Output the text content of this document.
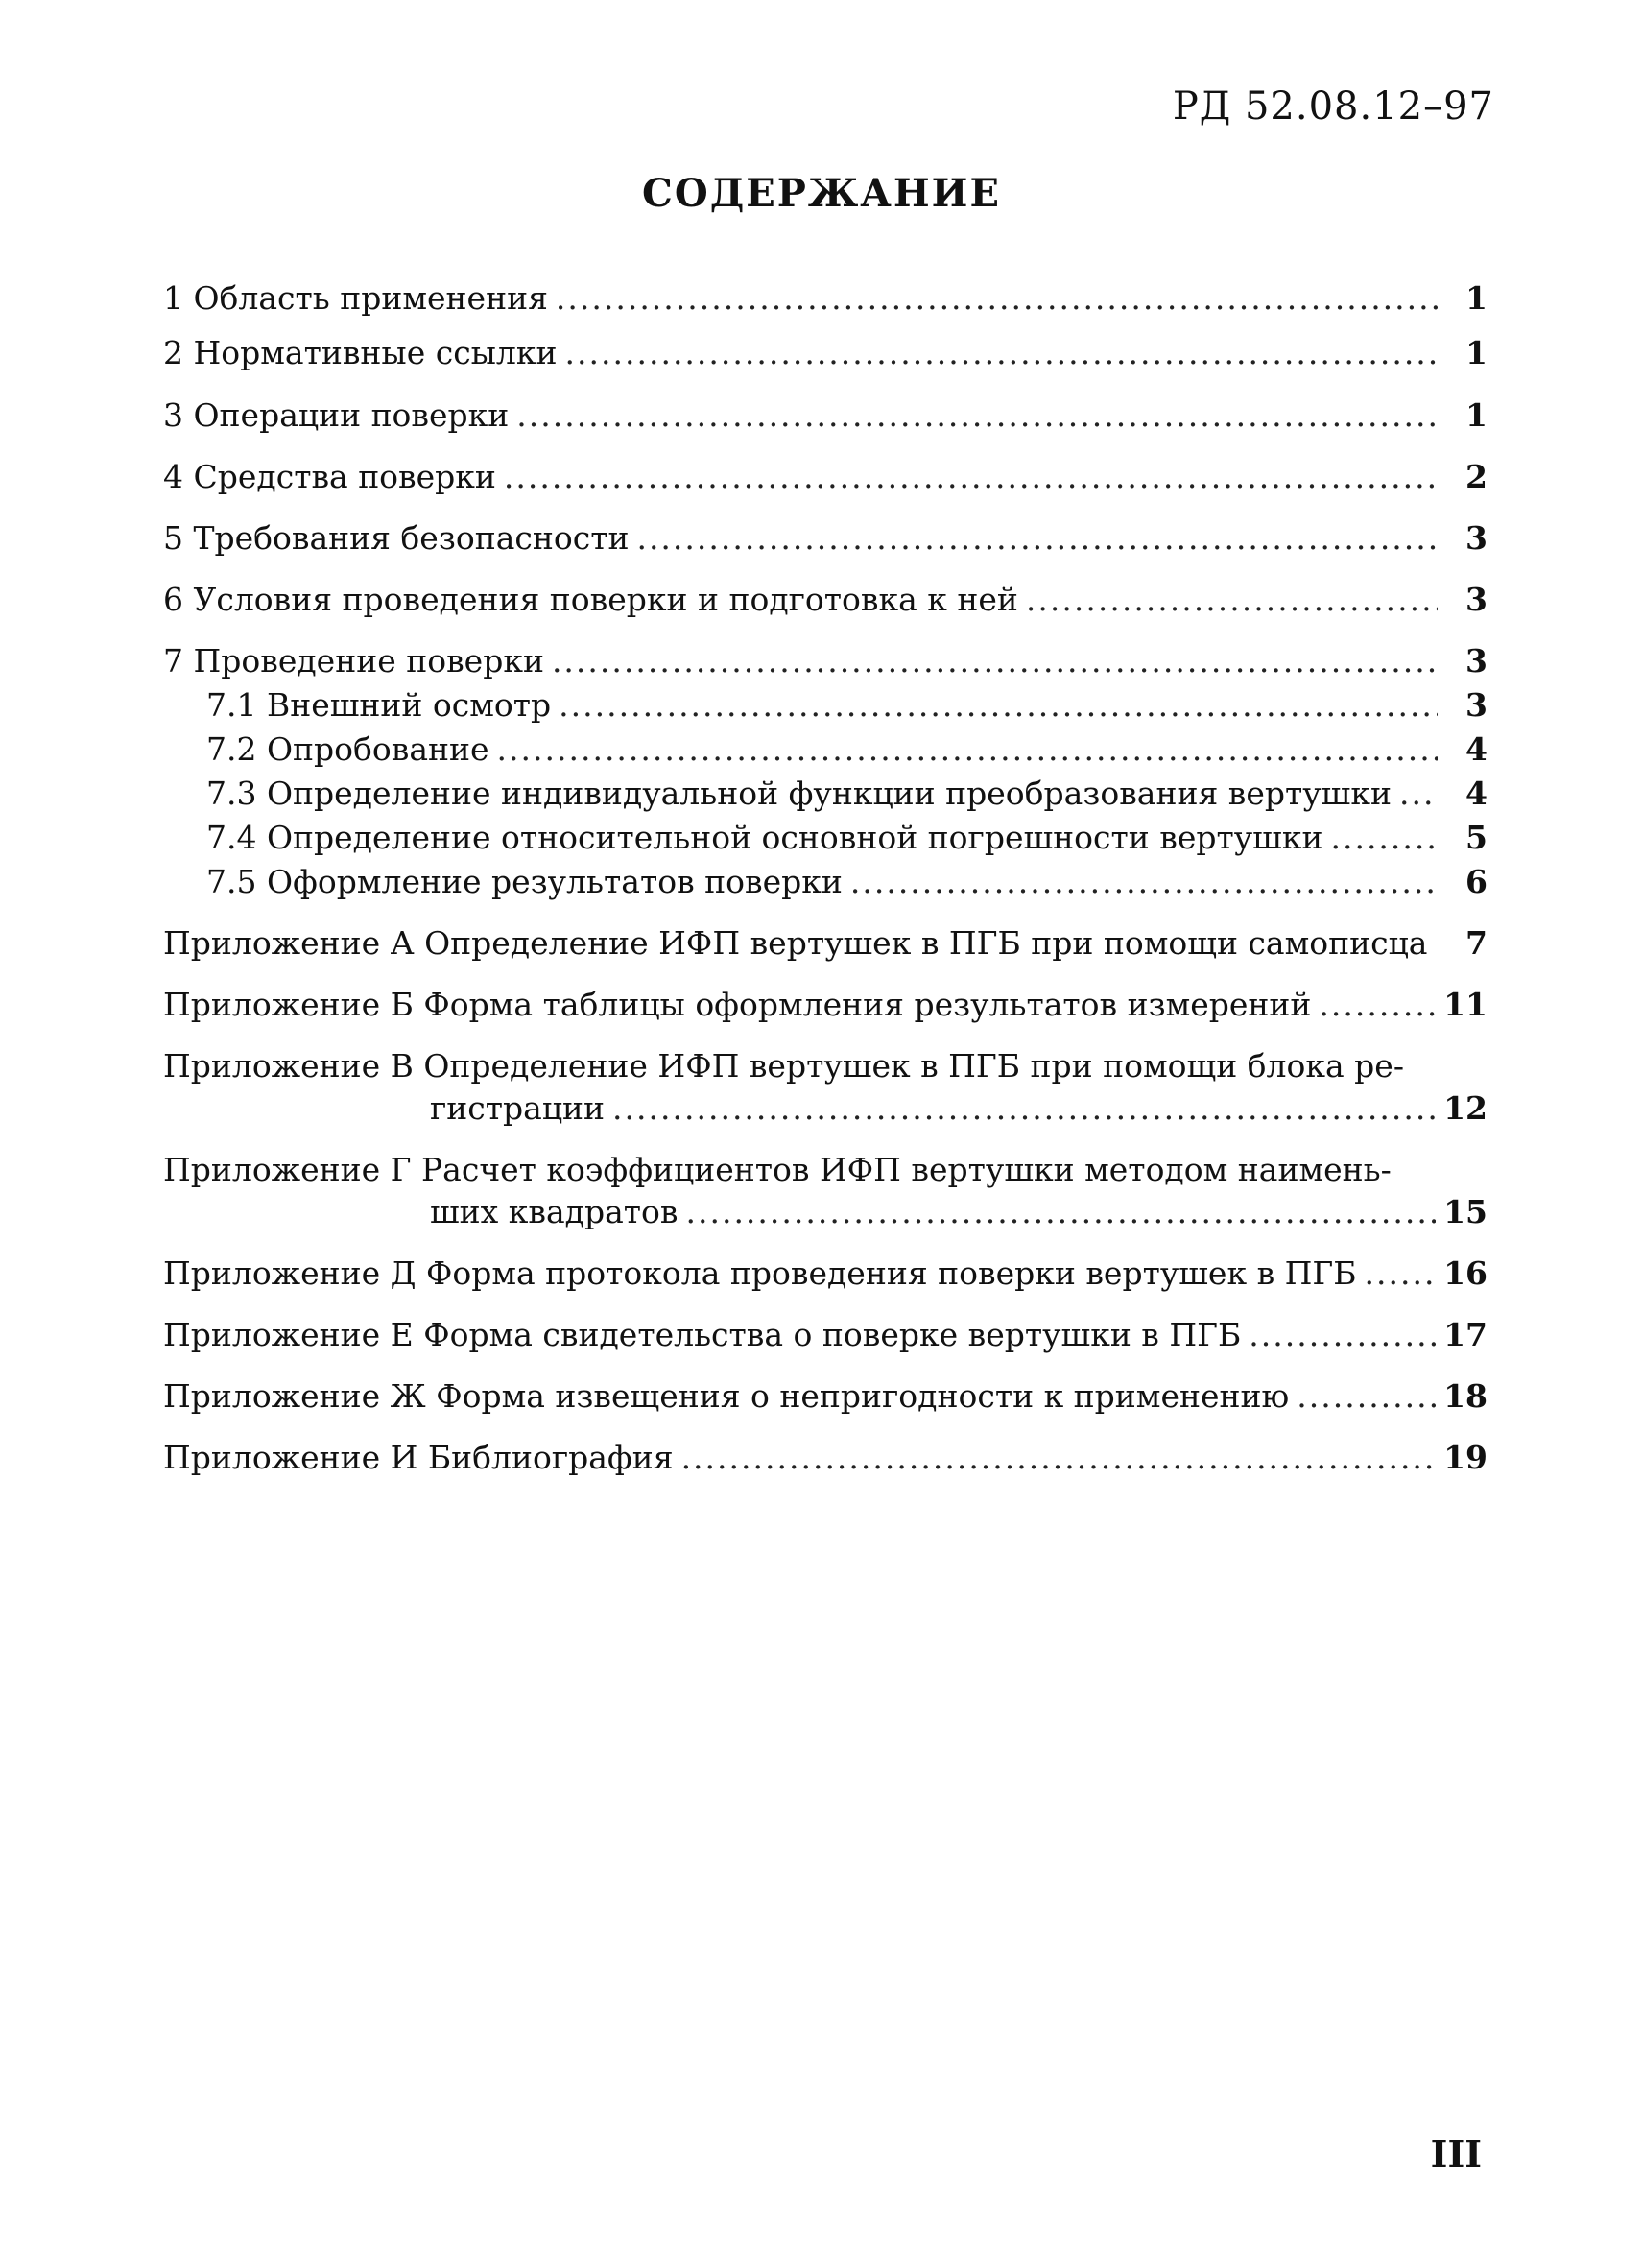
РД 52.08.12–97
СОДЕРЖАНИЕ
1 Область применения .....	1
2 Нормативные ссылки .....	1
3 Операции поверки .....	1
4 Средства поверки .....	2
5 Требования безопасности .....	3
6 Условия проведения поверки и подготовка к ней .....	3
7 Проведение поверки .....	3
7.1 Внешний осмотр .....	3
7.2 Опробование .....	4
7.3 Определение индивидуальной функции преобразования вертушки .....	4
7.4 Определение относительной основной погрешности вертушки .....	5
7.5 Оформление результатов поверки .....	6
Приложение А Определение ИФП вертушек в ПГБ при помощи самописца .....	7
Приложение Б Форма таблицы оформления результатов измерений .....	11
Приложение В Определение ИФП вертушек в ПГБ при помощи блока ре-
гистрации .....	12
Приложение Г Расчет коэффициентов ИФП вертушки методом наимень-
ших квадратов .....	15
Приложение Д Форма протокола проведения поверки вертушек в ПГБ .....	16
Приложение Е Форма свидетельства о поверке вертушки в ПГБ .....	17
Приложение Ж Форма извещения о непригодности к применению .....	18
Приложение И Библиография .....	19
III
